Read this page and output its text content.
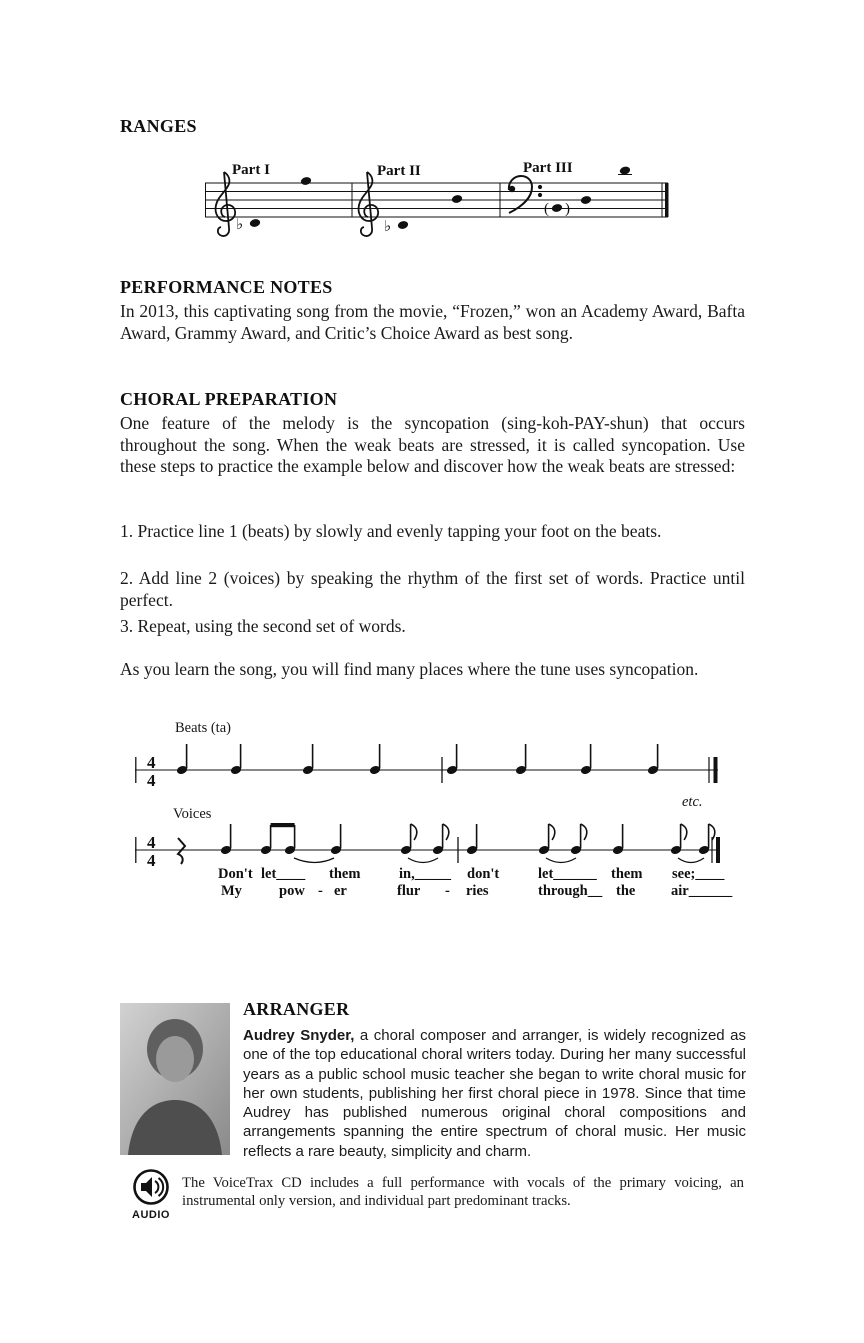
RANGES
Part I	Part II	Part III
♭	♭
( )
PERFORMANCE NOTES

In 2013, this captivating song from the movie, “Frozen,” won an Academy Award, Bafta Award, Grammy Award, and Critic’s Choice Award as best song.

CHORAL PREPARATION

One feature of the melody is the syncopation (sing-koh-PAY-shun) that occurs throughout the song. When the weak beats are stressed, it is called syncopation. Use these steps to practice the example below and discover how the weak beats are stressed:

1. Practice line 1 (beats) by slowly and evenly tapping your foot on the beats.

2. Add line 2 (voices) by speaking the rhythm of the first set of words. Practice until perfect.

3. Repeat, using the second set of words.

As you learn the song, you will find many places where the tune uses syncopation.

Beats (ta)
4
4
Voices
etc.
4
4
Don't let____ them	in,_____ don't	let______ them see;____
My	pow - er	flur - ries	through__ the air______
ARRANGER

Audrey Snyder, a choral composer and arranger, is widely recognized as one of the top educational choral writers today. During her many successful years as a public school music teacher she began to write choral music for her own students, publishing her first choral piece in 1978. Since that time Audrey has published numerous original choral compositions and arrangements spanning the entire spectrum of choral music. Her music reflects a rare beauty, simplicity and charm.

AUDIO

The VoiceTrax CD includes a full performance with vocals of the primary voicing, an instrumental only version, and individual part predominant tracks.
